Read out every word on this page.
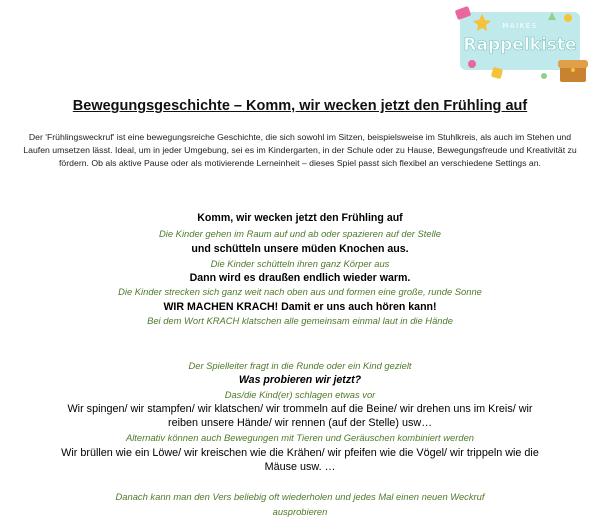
MAIKES
Rappelkiste
Bewegungsgeschichte – Komm, wir wecken jetzt den Frühling auf

Der 'Frühlingsweckruf' ist eine bewegungsreiche Geschichte, die sich sowohl im Sitzen, beispielsweise im Stuhlkreis, als auch im Stehen und Laufen umsetzen lässt. Ideal, um in jeder Umgebung, sei es im Kindergarten, in der Schule oder zu Hause, Bewegungsfreude und Kreativität zu fördern. Ob als aktive Pause oder als motivierende Lerneinheit – dieses Spiel passt sich flexibel an verschiedene Settings an.

Komm, wir wecken jetzt den Frühling auf
Die Kinder gehen im Raum auf und ab oder spazieren auf der Stelle
und schütteln unsere müden Knochen aus.
Die Kinder schütteln ihren ganz Körper aus
Dann wird es draußen endlich wieder warm.
Die Kinder strecken sich ganz weit nach oben aus und formen eine große, runde Sonne
WIR MACHEN KRACH! Damit er uns auch hören kann!
Bei dem Wort KRACH klatschen alle gemeinsam einmal laut in die Hände
Der Spielleiter fragt in die Runde oder ein Kind gezielt
Was probieren wir jetzt?
Das/die Kind(er) schlagen etwas vor
Wir spingen/ wir stampfen/ wir klatschen/ wir trommeln auf die Beine/ wir drehen uns im Kreis/ wir reiben unsere Hände/ wir rennen (auf der Stelle) usw…
Alternativ können auch Bewegungen mit Tieren und Geräuschen kombiniert werden
Wir brüllen wie ein Löwe/ wir kreischen wie die Krähen/ wir pfeifen wie die Vögel/ wir trippeln wie die Mäuse usw. …
Danach kann man den Vers beliebig oft wiederholen und jedes Mal einen neuen Weckruf ausprobieren
